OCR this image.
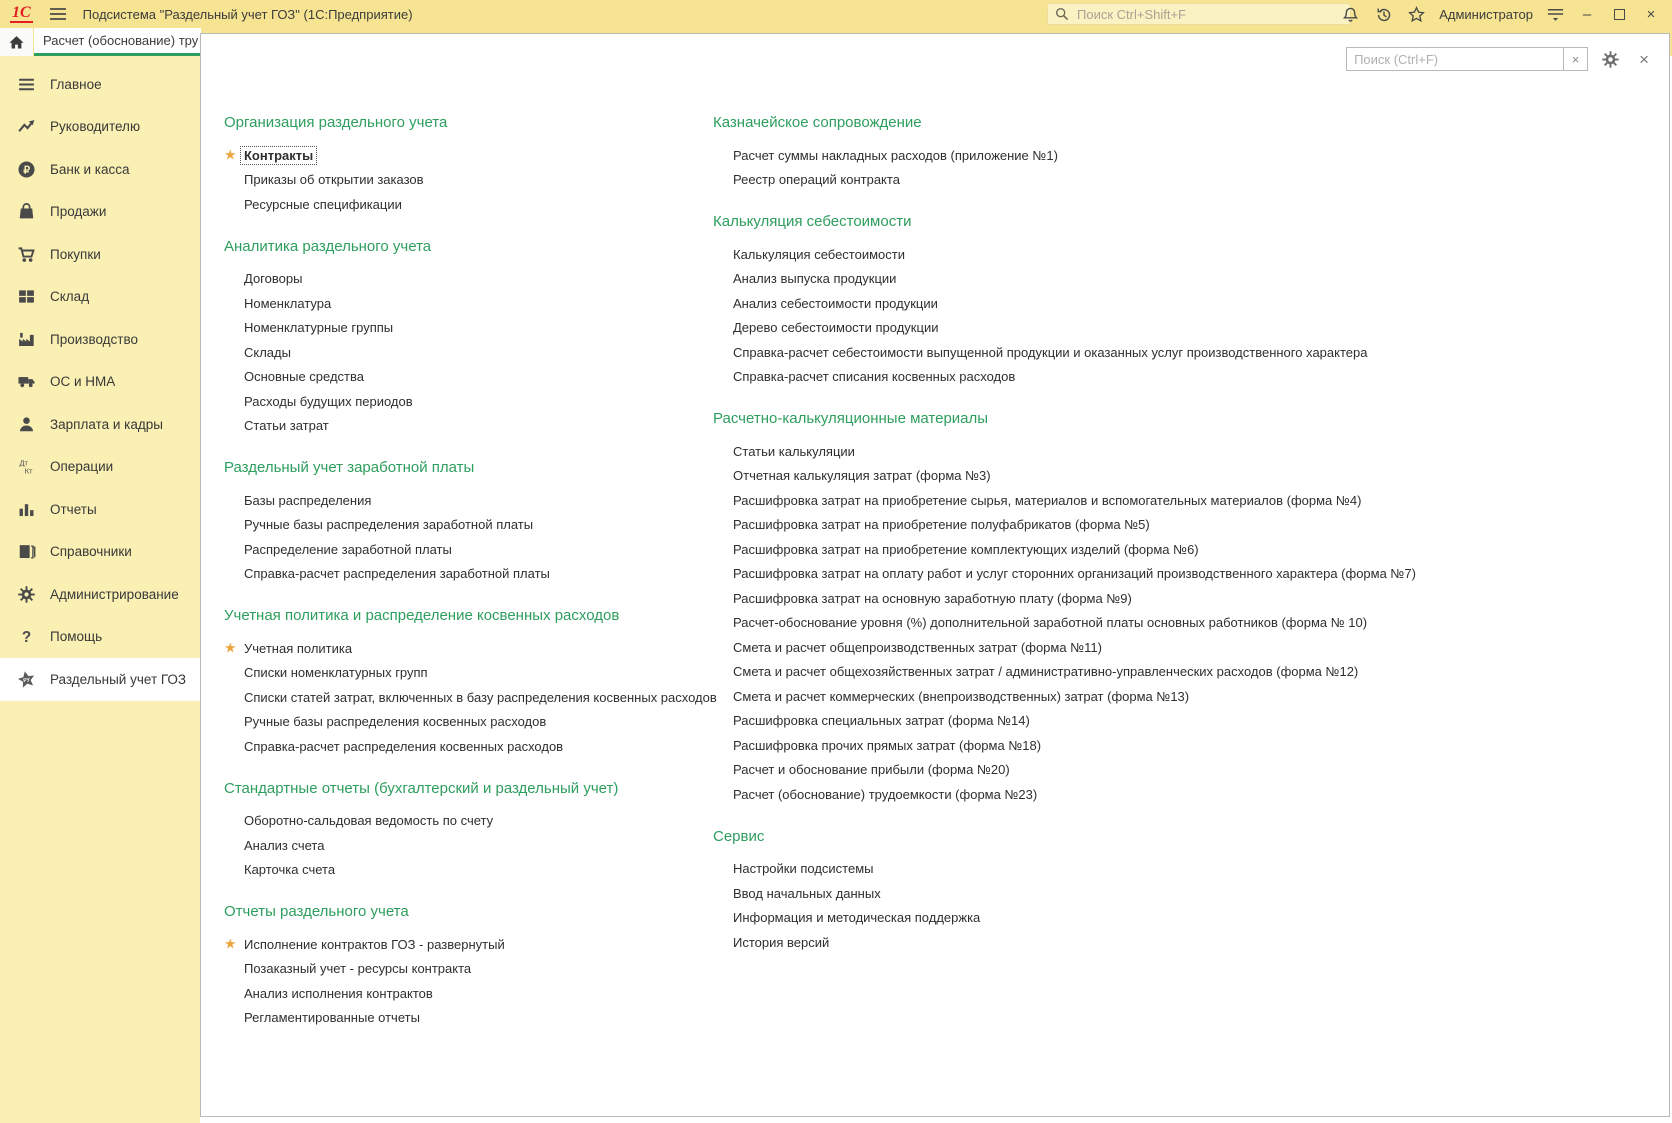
1С	Подсистема "Раздельный учет ГОЗ" (1С:Предприятие)
Поиск Ctrl+Shift+F	Администратор	–	×
Расчет (обоснование) тру
Главное
Руководителю
₽ Банк и касса
Продажи
Покупки
Склад
Производство
ОС и НМА
Зарплата и кадры
Дт
Кт Операции
Отчеты
Справочники
Администрирование
? Помощь
РУ Раздельный учет ГОЗ
Поиск (Ctrl+F)
×	×
Организация раздельного учета
★ Контракты
Приказы об открытии заказов
Ресурсные спецификации
Аналитика раздельного учета
Договоры
Номенклатура
Номенклатурные группы
Склады
Основные средства
Расходы будущих периодов
Статьи затрат
Раздельный учет заработной платы
Базы распределения
Ручные базы распределения заработной платы
Распределение заработной платы
Справка-расчет распределения заработной платы
Учетная политика и распределение косвенных расходов
★ Учетная политика
Списки номенклатурных групп
Списки статей затрат, включенных в базу распределения косвенных расходов
Ручные базы распределения косвенных расходов
Справка-расчет распределения косвенных расходов
Стандартные отчеты (бухгалтерский и раздельный учет)
Оборотно-сальдовая ведомость по счету
Анализ счета
Карточка счета
Отчеты раздельного учета
★ Исполнение контрактов ГОЗ - развернутый
Позаказный учет - ресурсы контракта
Анализ исполнения контрактов
Регламентированные отчеты
Казначейское сопровождение
Расчет суммы накладных расходов (приложение №1)
Реестр операций контракта
Калькуляция себестоимости
Калькуляция себестоимости
Анализ выпуска продукции
Анализ себестоимости продукции
Дерево себестоимости продукции
Справка-расчет себестоимости выпущенной продукции и оказанных услуг производственного характера
Справка-расчет списания косвенных расходов
Расчетно-калькуляционные материалы
Статьи калькуляции
Отчетная калькуляция затрат (форма №3)
Расшифровка затрат на приобретение сырья, материалов и вспомогательных материалов (форма №4)
Расшифровка затрат на приобретение полуфабрикатов (форма №5)
Расшифровка затрат на приобретение комплектующих изделий (форма №6)
Расшифровка затрат на оплату работ и услуг сторонних организаций производственного характера (форма №7)
Расшифровка затрат на основную заработную плату (форма №9)
Расчет-обоснование уровня (%) дополнительной заработной платы основных работников (форма № 10)
Смета и расчет общепроизводственных затрат (форма №11)
Смета и расчет общехозяйственных затрат / административно-управленческих расходов (форма №12)
Смета и расчет коммерческих (внепроизводственных) затрат (форма №13)
Расшифровка специальных затрат (форма №14)
Расшифровка прочих прямых затрат (форма №18)
Расчет и обоснование прибыли (форма №20)
Расчет (обоснование) трудоемкости (форма №23)
Сервис
Настройки подсистемы
Ввод начальных данных
Информация и методическая поддержка
История версий
